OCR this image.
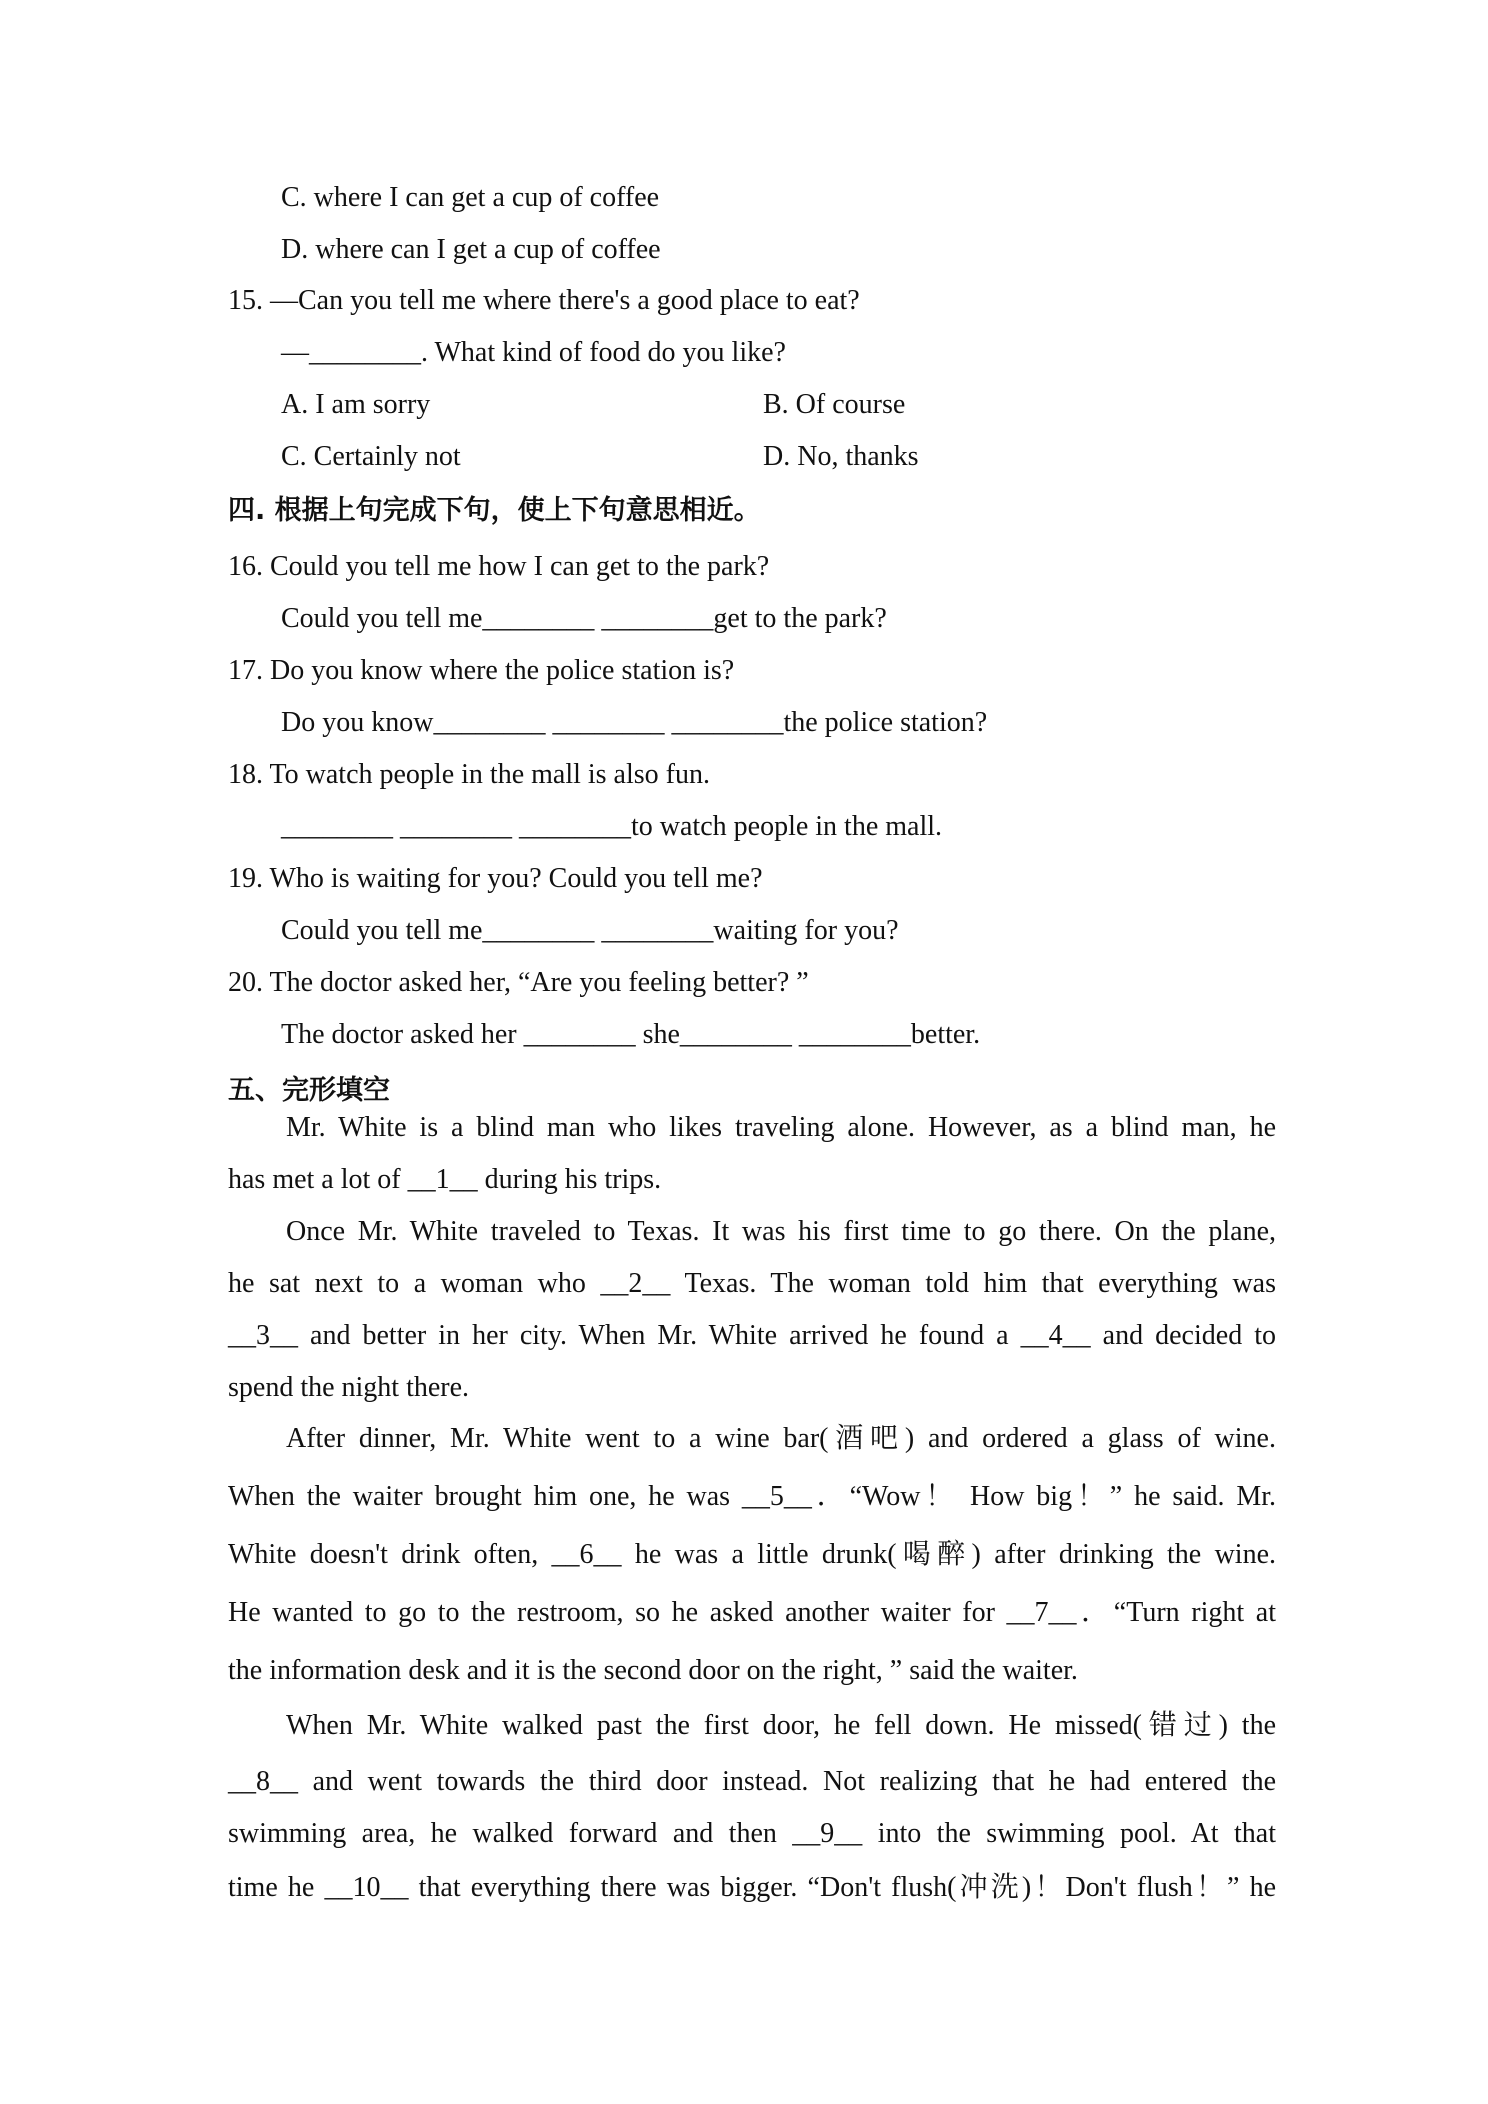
C. where I can get a cup of coffee
D. where can I get a cup of coffee
15. —Can you tell me where there's a good place to eat?
—________. What kind of food do you like?
A. I am sorry	B. Of course
C. Certainly not	D. No, thanks
四. 根据上句完成下句，使上下句意思相近。
16. Could you tell me how I can get to the park?
Could you tell me________ ________get to the park?
17. Do you know where the police station is?
Do you know________ ________ ________the police station?
18. To watch people in the mall is also fun.
________ ________ ________to watch people in the mall.
19. Who is waiting for you? Could you tell me?
Could you tell me________ ________waiting for you?
20. The doctor asked her, “Are you feeling better? ”
The doctor asked her ________ she________ ________better.
五、完形填空
Mr. White is a blind man who likes traveling alone. However, as a blind man, he
has met a lot of __1__ during his trips.
Once Mr. White traveled to Texas. It was his first time to go there. On the plane,
he sat next to a woman who __2__ Texas. The woman told him that everything was
__3__ and better in her city. When Mr. White arrived he found a __4__ and decided to
spend the night there.
After dinner, Mr. White went to a wine bar(酒吧) and ordered a glass of wine.
When the waiter brought him one, he was __5__．“Wow！ How big！” he said. Mr.
White doesn't drink often, __6__ he was a little drunk(喝醉) after drinking the wine.
He wanted to go to the restroom, so he asked another waiter for __7__．“Turn right at
the information desk and it is the second door on the right, ” said the waiter.
When Mr. White walked past the first door, he fell down. He missed(错过) the
__8__ and went towards the third door instead. Not realizing that he had entered the
swimming area, he walked forward and then __9__ into the swimming pool. At that
time he __10__ that everything there was bigger. “Don't flush(冲洗)！Don't flush！” he
